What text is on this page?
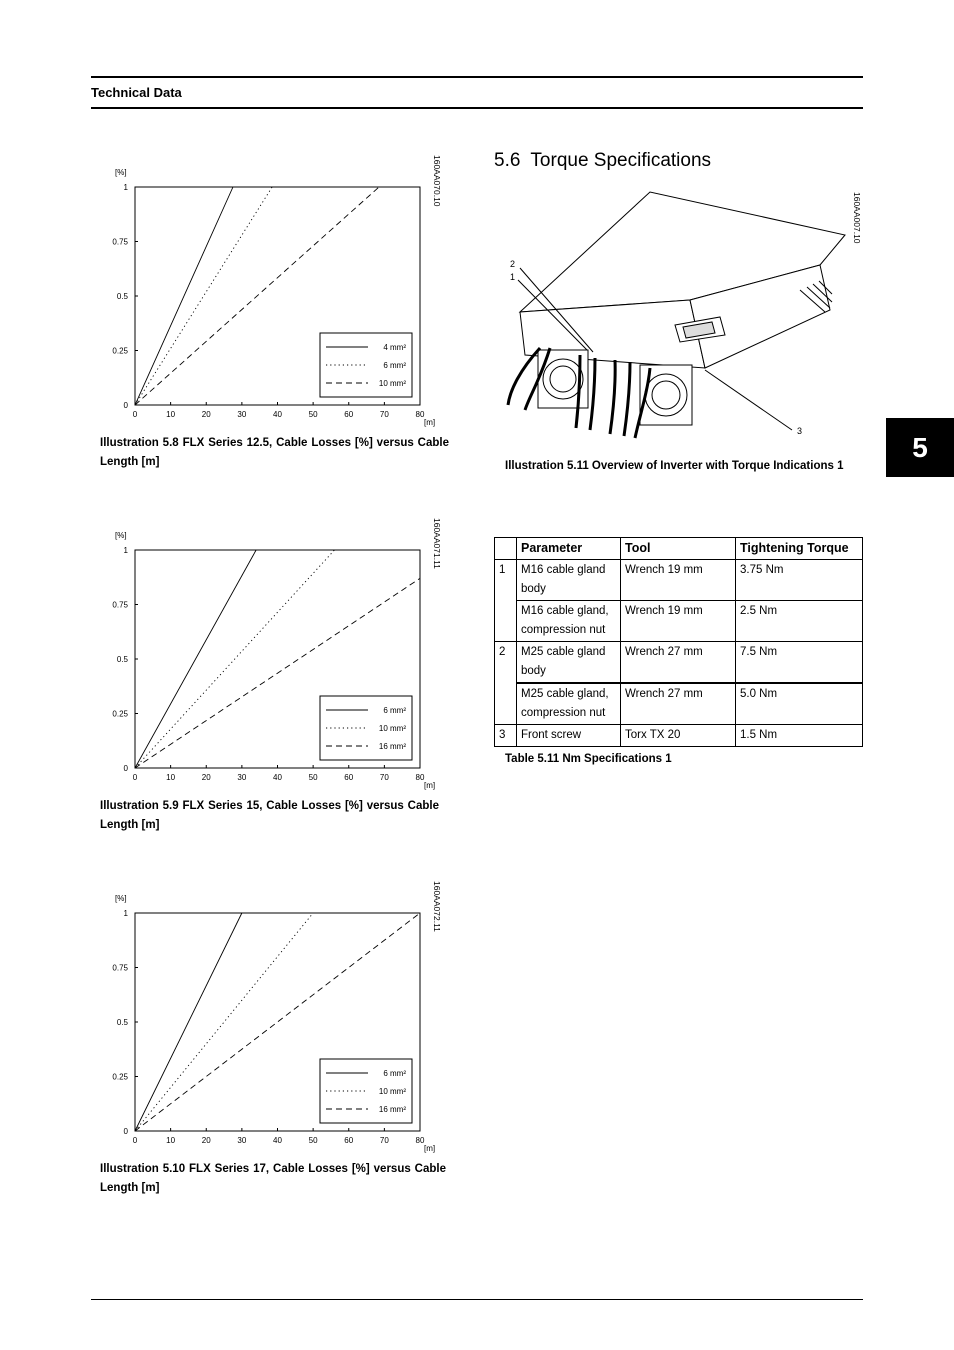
Technical Data
5
0	10	20	30	40	50	60	70	80
0
0.25
0.5
0.75
1
[%]
[m]
4 mm²
6 mm²
10 mm²
160AA070.10
Illustration 5.8 FLX Series 12.5, Cable Losses [%] versus Cable Length [m]
0	10	20	30	40	50	60	70	80
0
0.25
0.5
0.75
1
[%]
[m]
6 mm²
10 mm²
16 mm²
160AA071.11
Illustration 5.9 FLX Series 15, Cable Losses [%] versus Cable Length [m]
0	10	20	30	40	50	60	70	80
0
0.25
0.5
0.75
1
[%]
[m]
6 mm²
10 mm²
16 mm²
160AA072.11
Illustration 5.10 FLX Series 17, Cable Losses [%] versus Cable Length [m]
5.6 Torque Specifications
1
2
3
160AA007.10
Illustration 5.11 Overview of Inverter with Torque Indications 1
	Parameter	Tool	Tightening Torque
1	M16 cable gland body	Wrench 19 mm	3.75 Nm
	M16 cable gland, compression nut	Wrench 19 mm	2.5 Nm
2	M25 cable gland body	Wrench 27 mm	7.5 Nm
	M25 cable gland, compression nut	Wrench 27 mm	5.0 Nm
3	Front screw	Torx TX 20	1.5 Nm
Table 5.11 Nm Specifications 1
